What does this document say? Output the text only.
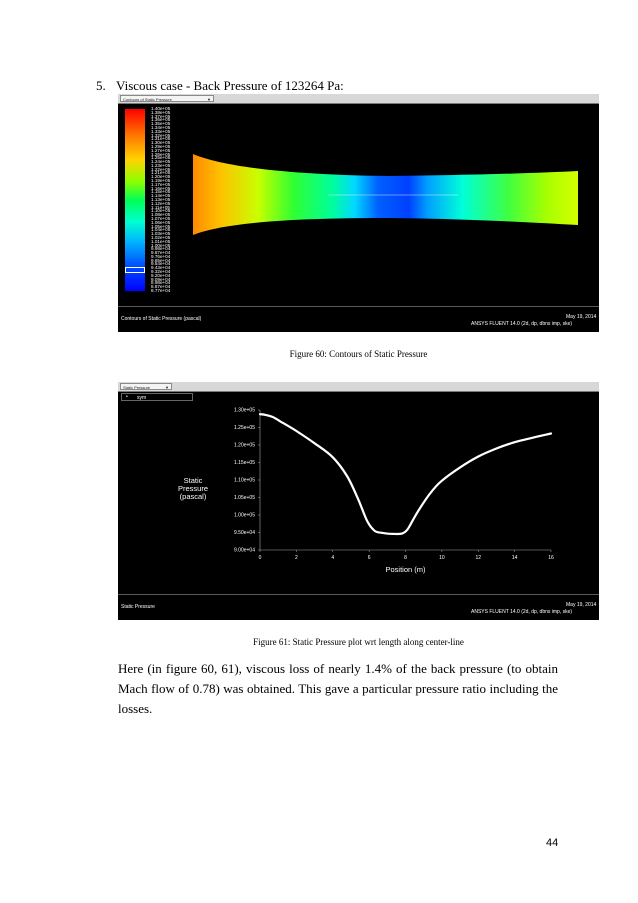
5. Viscous case - Back Pressure of 123264 Pa:
Contours of Static Pressure	▼
1.40e+05
1.38e+05
1.37e+05
1.36e+05
1.35e+05
1.34e+05
1.33e+05
1.32e+05
1.31e+05
1.30e+05
1.29e+05
1.27e+05
1.26e+05
1.25e+05
1.24e+05
1.23e+05
1.22e+05
1.21e+05
1.20e+05
1.19e+05
1.17e+05
1.16e+05
1.15e+05
1.14e+05
1.13e+05
1.12e+05
1.11e+05
1.10e+05
1.08e+05
1.07e+05
1.06e+05
1.05e+05
1.04e+05
1.03e+05
1.02e+05
1.01e+05
1.00e+05
9.98e+04
9.87e+04
9.76e+04
9.65e+04
9.54e+04
9.43e+04
9.32e+04
9.20e+04
9.09e+04
8.98e+04
8.87e+04
8.77e+04
Contours of Static Pressure (pascal)	May 19, 2014
ANSYS FLUENT 14.0 (2d, dp, dbns imp, ske)
Figure 60: Contours of Static Pressure
Static Pressure	▼
• sym
9.00e+04
9.50e+04
1.00e+05
1.05e+05
1.10e+05
1.15e+05
1.20e+05
1.25e+05
1.30e+05
0	2	4	6	8	10	12	14	16
Static
Pressure
(pascal)
Position (m)
Static Pressure	May 19, 2014
ANSYS FLUENT 14.0 (2d, dp, dbns imp, ske)
Figure 61: Static Pressure plot wrt length along center-line
Here (in figure 60, 61), viscous loss of nearly 1.4% of the back pressure (to obtain Mach flow of 0.78) was obtained. This gave a particular pressure ratio including the losses.
44
